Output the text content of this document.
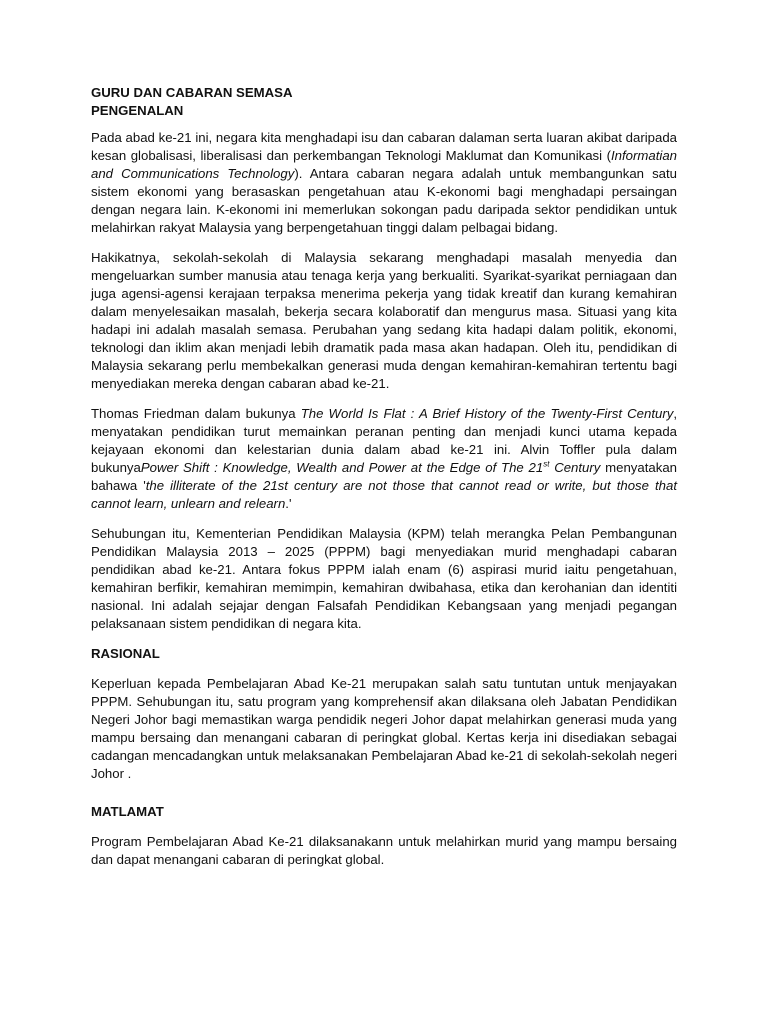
GURU DAN CABARAN SEMASA

PENGENALAN

Pada abad ke-21 ini, negara kita menghadapi isu dan cabaran dalaman serta luaran akibat daripada kesan globalisasi, liberalisasi dan perkembangan Teknologi Maklumat dan Komunikasi (Informatian and Communications Technology). Antara cabaran negara adalah untuk membangunkan satu sistem ekonomi yang berasaskan pengetahuan atau K-ekonomi bagi menghadapi persaingan dengan negara lain. K-ekonomi ini memerlukan sokongan padu daripada sektor pendidikan untuk melahirkan rakyat Malaysia yang berpengetahuan tinggi dalam pelbagai bidang.

Hakikatnya, sekolah-sekolah di Malaysia sekarang menghadapi masalah menyedia dan mengeluarkan sumber manusia atau tenaga kerja yang berkualiti. Syarikat-syarikat perniagaan dan juga agensi-agensi kerajaan terpaksa menerima pekerja yang tidak kreatif dan kurang kemahiran dalam menyelesaikan masalah, bekerja secara kolaboratif dan mengurus masa. Situasi yang kita hadapi ini adalah masalah semasa. Perubahan yang sedang kita hadapi dalam politik, ekonomi, teknologi dan iklim akan menjadi lebih dramatik pada masa akan hadapan. Oleh itu, pendidikan di Malaysia sekarang perlu membekalkan generasi muda dengan kemahiran-kemahiran tertentu bagi menyediakan mereka dengan cabaran abad ke-21.

Thomas Friedman dalam bukunya The World Is Flat : A Brief History of the Twenty-First Century, menyatakan pendidikan turut memainkan peranan penting dan menjadi kunci utama kepada kejayaan ekonomi dan kelestarian dunia dalam abad ke-21 ini. Alvin Toffler pula dalam bukunyaPower Shift : Knowledge, Wealth and Power at the Edge of The 21st Century menyatakan bahawa 'the illiterate of the 21st century are not those that cannot read or write, but those that cannot learn, unlearn and relearn.'

Sehubungan itu, Kementerian Pendidikan Malaysia (KPM) telah merangka Pelan Pembangunan Pendidikan Malaysia 2013 – 2025 (PPPM) bagi menyediakan murid menghadapi cabaran pendidikan abad ke-21. Antara fokus PPPM ialah enam (6) aspirasi murid iaitu pengetahuan, kemahiran berfikir, kemahiran memimpin, kemahiran dwibahasa, etika dan kerohanian dan identiti nasional. Ini adalah sejajar dengan Falsafah Pendidikan Kebangsaan yang menjadi pegangan pelaksanaan sistem pendidikan di negara kita.

RASIONAL

Keperluan kepada Pembelajaran Abad Ke-21 merupakan salah satu tuntutan untuk menjayakan PPPM. Sehubungan itu, satu program yang komprehensif akan dilaksana oleh Jabatan Pendidikan Negeri Johor bagi memastikan warga pendidik negeri Johor dapat melahirkan generasi muda yang mampu bersaing dan menangani cabaran di peringkat global. Kertas kerja ini disediakan sebagai cadangan mencadangkan untuk melaksanakan Pembelajaran Abad ke-21 di sekolah-sekolah negeri Johor .

MATLAMAT

Program Pembelajaran Abad Ke-21 dilaksanakann untuk melahirkan murid yang mampu bersaing dan dapat menangani cabaran di peringkat global.
